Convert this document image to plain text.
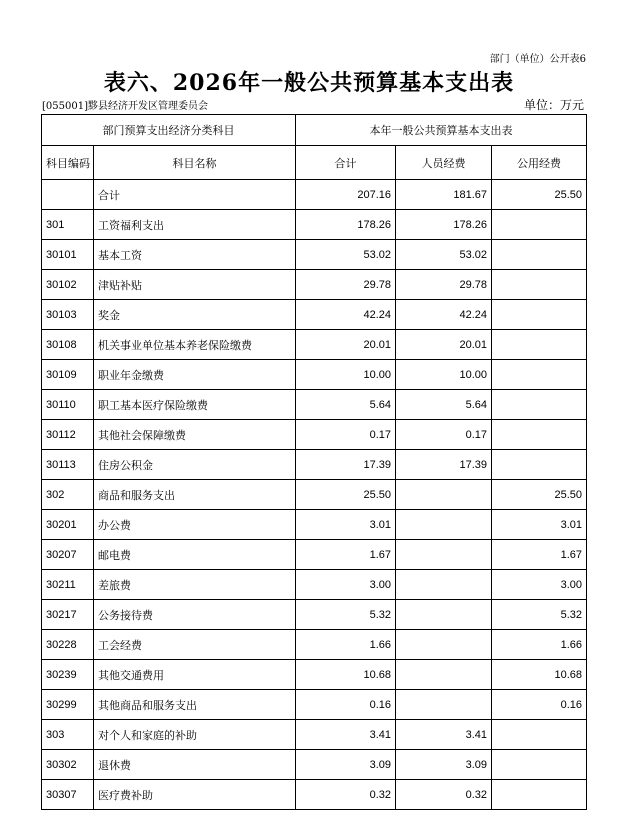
部门（单位）公开表6
表六、2026年一般公共预算基本支出表
[055001]黟县经济开发区管理委员会	单位：万元
部门预算支出经济分类科目		本年一般公共预算基本支出表		
科目编码	科目名称	合计	人员经费	公用经费
	合计	207.16	181.67	25.50
301	工资福利支出	178.26	178.26	
30101	基本工资	53.02	53.02	
30102	津贴补贴	29.78	29.78	
30103	奖金	42.24	42.24	
30108	机关事业单位基本养老保险缴费	20.01	20.01	
30109	职业年金缴费	10.00	10.00	
30110	职工基本医疗保险缴费	5.64	5.64	
30112	其他社会保障缴费	0.17	0.17	
30113	住房公积金	17.39	17.39	
302	商品和服务支出	25.50		25.50
30201	办公费	3.01		3.01
30207	邮电费	1.67		1.67
30211	差旅费	3.00		3.00
30217	公务接待费	5.32		5.32
30228	工会经费	1.66		1.66
30239	其他交通费用	10.68		10.68
30299	其他商品和服务支出	0.16		0.16
303	对个人和家庭的补助	3.41	3.41	
30302	退休费	3.09	3.09	
30307	医疗费补助	0.32	0.32	
